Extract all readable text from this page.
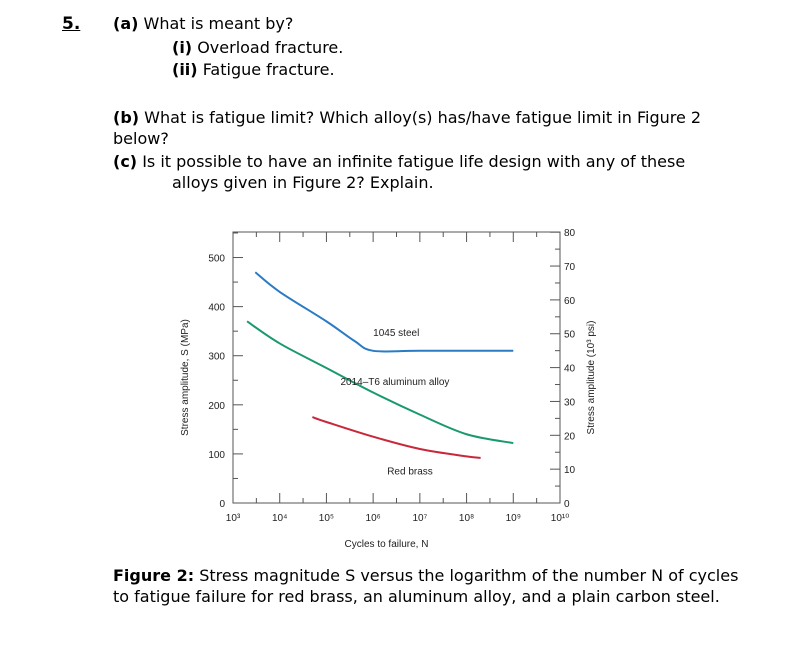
5. (a) What is meant by?
(i) Overload fracture.
(ii) Fatigue fracture.
(b) What is fatigue limit? Which alloy(s) has/have fatigue limit in Figure 2
below?
(c) Is it possible to have an infinite fatigue life design with any of these
alloys given in Figure 2? Explain.
10³	10⁴	10⁵	10⁶	10⁷	10⁸	10⁹	10¹⁰
0
100
200
300
400
500
0
10
20
30
40
50
60
70
80
Cycles to failure, N
Stress amplitude, S (MPa)	Stress amplitude (10³ psi)
1045 steel
2014–T6 aluminum alloy
Red brass
Figure 2: Stress magnitude S versus the logarithm of the number N of cycles to fatigue failure for red brass, an aluminum alloy, and a plain carbon steel.
